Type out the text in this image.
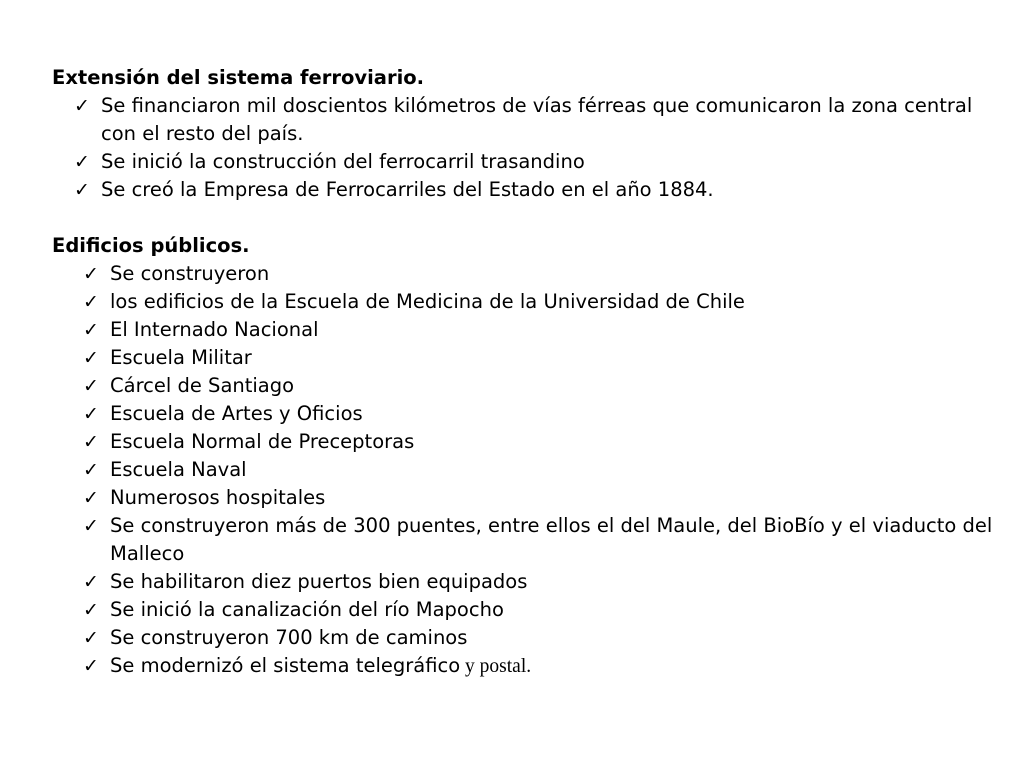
Extensión del sistema ferroviario.

✓ Se financiaron mil doscientos kilómetros de vías férreas que comunicaron la zona central con el resto del país.
✓ Se inició la construcción del ferrocarril trasandino
✓ Se creó la Empresa de Ferrocarriles del Estado en el año 1884.

Edificios públicos.

✓ Se construyeron
✓ los edificios de la Escuela de Medicina de la Universidad de Chile
✓ El Internado Nacional
✓ Escuela Militar
✓ Cárcel de Santiago
✓ Escuela de Artes y Oficios
✓ Escuela Normal de Preceptoras
✓ Escuela Naval
✓ Numerosos hospitales
✓ Se construyeron más de 300 puentes, entre ellos el del Maule, del BioBío y el viaducto del Malleco
✓ Se habilitaron diez puertos bien equipados
✓ Se inició la canalización del río Mapocho
✓ Se construyeron 700 km de caminos
✓ Se modernizó el sistema telegráfico y postal.
